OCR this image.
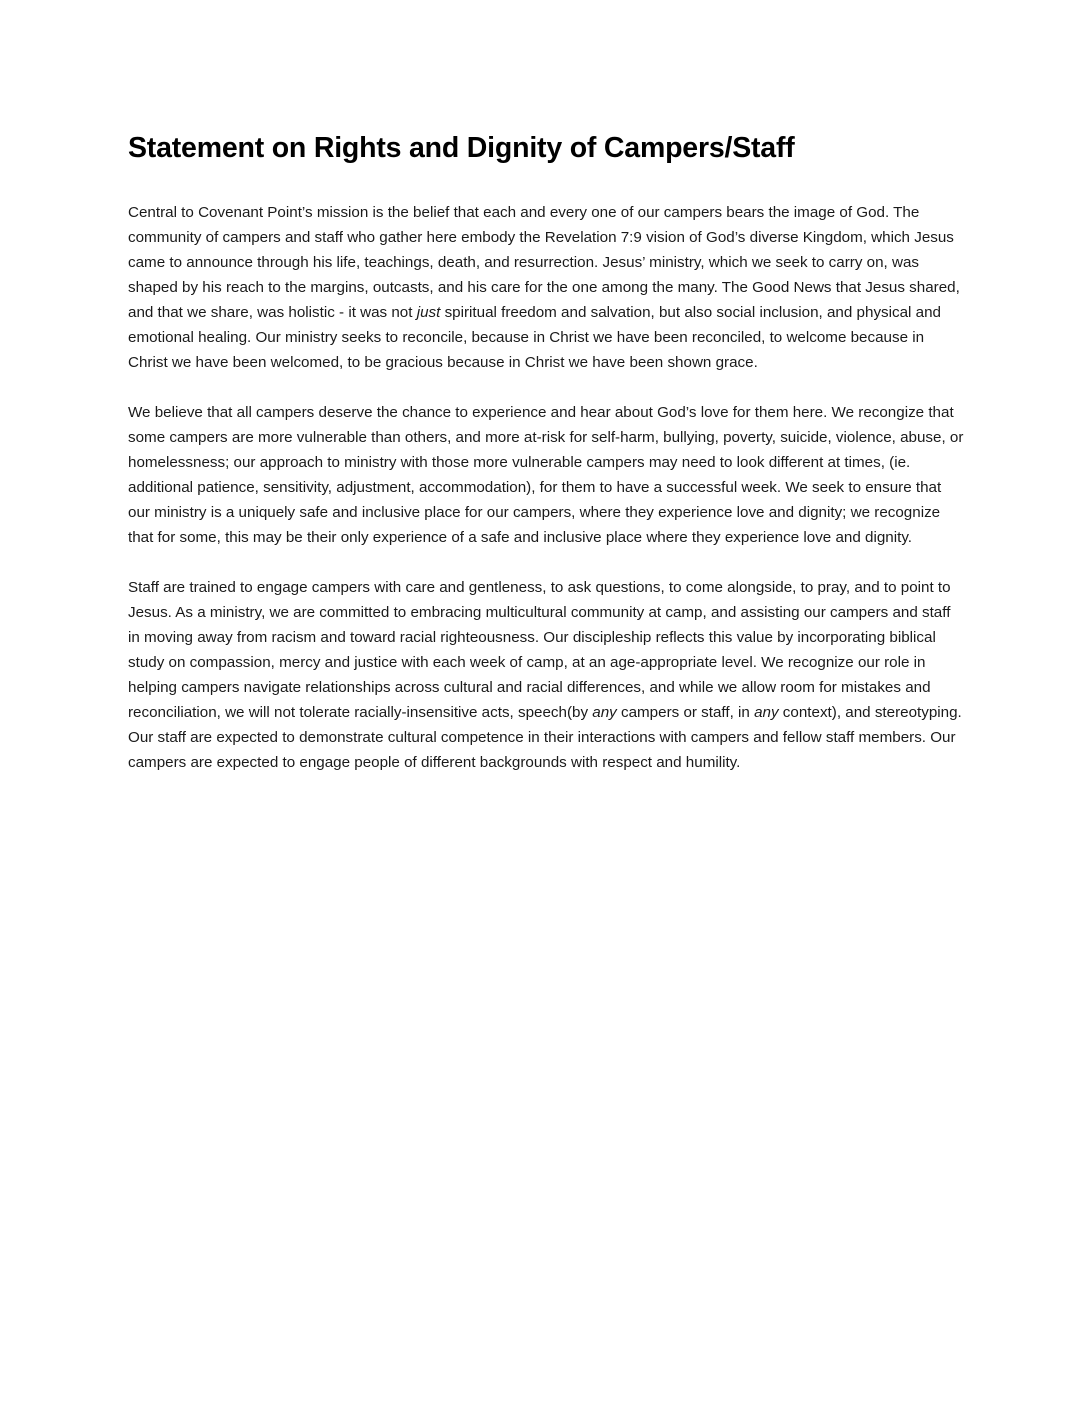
Statement on Rights and Dignity of Campers/Staff

Central to Covenant Point’s mission is the belief that each and every one of our campers bears the image of God. The community of campers and staff who gather here embody the Revelation 7:9 vision of God’s diverse Kingdom, which Jesus came to announce through his life, teachings, death, and resurrection. Jesus’ ministry, which we seek to carry on, was shaped by his reach to the margins, outcasts, and his care for the one among the many. The Good News that Jesus shared, and that we share, was holistic - it was not just spiritual freedom and salvation, but also social inclusion, and physical and emotional healing. Our ministry seeks to reconcile, because in Christ we have been reconciled, to welcome because in Christ we have been welcomed, to be gracious because in Christ we have been shown grace.

We believe that all campers deserve the chance to experience and hear about God’s love for them here. We recongize that some campers are more vulnerable than others, and more at-risk for self-harm, bullying, poverty, suicide, violence, abuse, or homelessness; our approach to ministry with those more vulnerable campers may need to look different at times, (ie. additional patience, sensitivity, adjustment, accommodation), for them to have a successful week. We seek to ensure that our ministry is a uniquely safe and inclusive place for our campers, where they experience love and dignity; we recognize that for some, this may be their only experience of a safe and inclusive place where they experience love and dignity.

Staff are trained to engage campers with care and gentleness, to ask questions, to come alongside, to pray, and to point to Jesus. As a ministry, we are committed to embracing multicultural community at camp, and assisting our campers and staff in moving away from racism and toward racial righteousness. Our discipleship reflects this value by incorporating biblical study on compassion, mercy and justice with each week of camp, at an age-appropriate level. We recognize our role in helping campers navigate relationships across cultural and racial differences, and while we allow room for mistakes and reconciliation, we will not tolerate racially-insensitive acts, speech(by any campers or staff, in any context), and stereotyping. Our staff are expected to demonstrate cultural competence in their interactions with campers and fellow staff members. Our campers are expected to engage people of different backgrounds with respect and humility.
